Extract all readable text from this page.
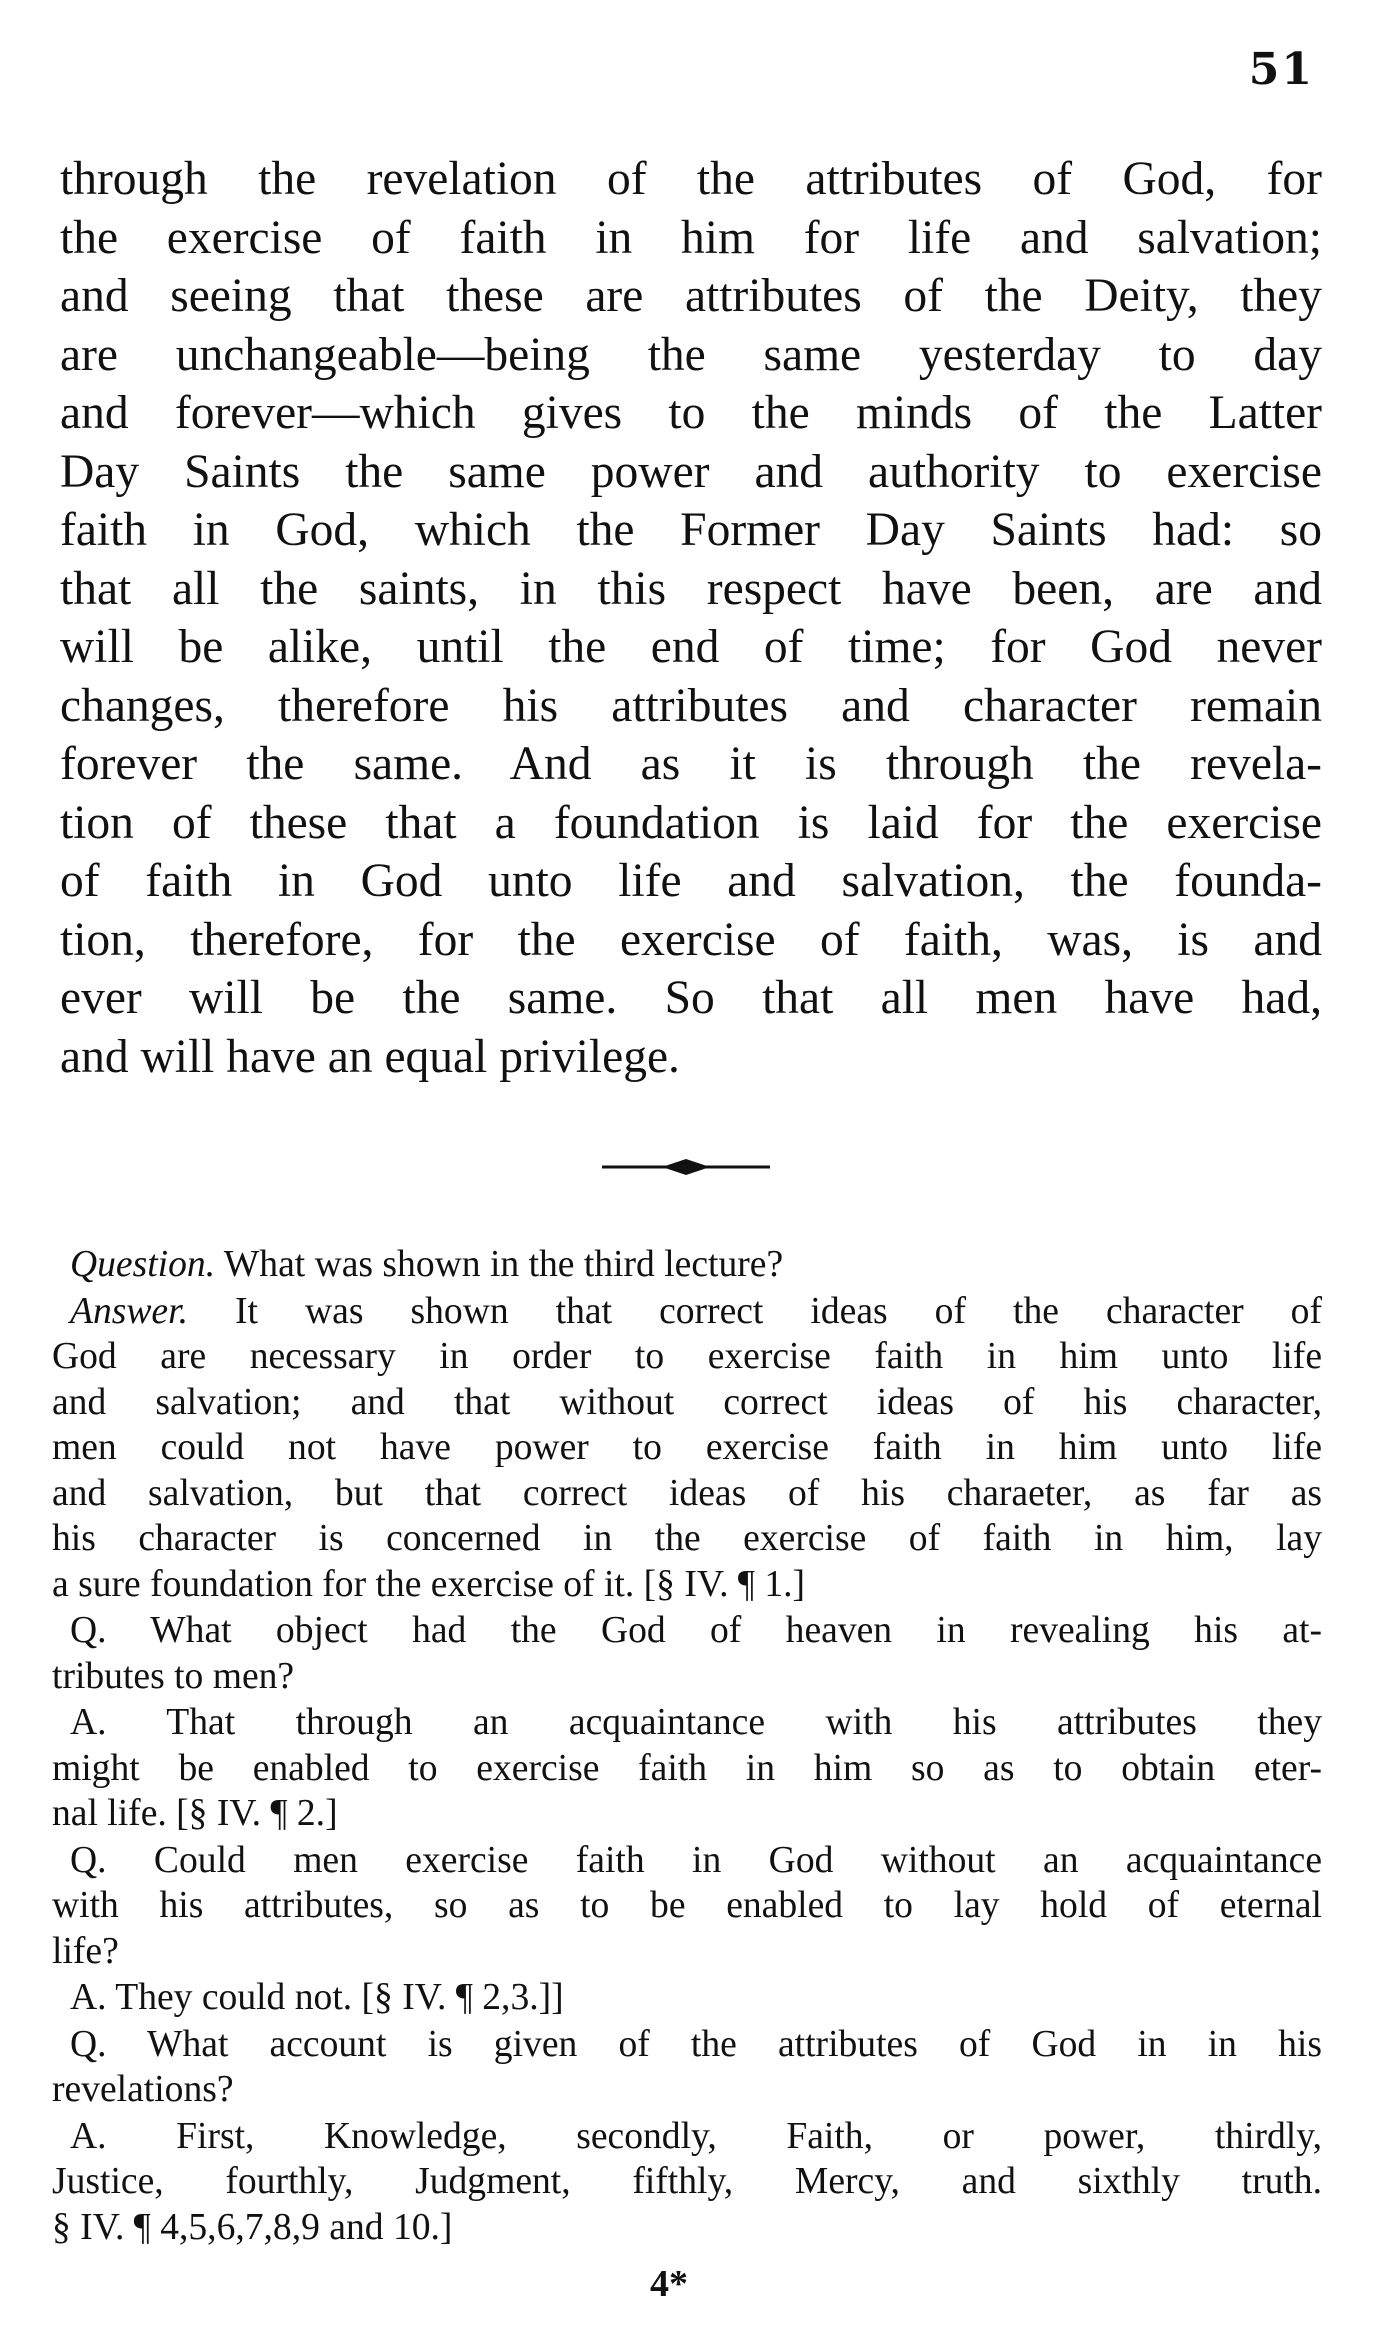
51
through the revelation of the attributes of God, for
the exercise of faith in him for life and salvation;
and seeing that these are attributes of the Deity, they
are unchangeable—being the same yesterday to day
and forever—which gives to the minds of the Latter
Day Saints the same power and authority to exercise
faith in God, which the Former Day Saints had: so
that all the saints, in this respect have been, are and
will be alike, until the end of time; for God never
changes, therefore his attributes and character remain
forever the same. And as it is through the revela-
tion of these that a foundation is laid for the exercise
of faith in God unto life and salvation, the founda-
tion, therefore, for the exercise of faith, was, is and
ever will be the same. So that all men have had,
and will have an equal privilege.
Question. What was shown in the third lecture?
Answer. It was shown that correct ideas of the character of
God are necessary in order to exercise faith in him unto life
and salvation; and that without correct ideas of his character,
men could not have power to exercise faith in him unto life
and salvation, but that correct ideas of his charaeter, as far as
his character is concerned in the exercise of faith in him, lay
a sure foundation for the exercise of it. [§ IV. ¶ 1.]
Q. What object had the God of heaven in revealing his at-
tributes to men?
A. That through an acquaintance with his attributes they
might be enabled to exercise faith in him so as to obtain eter-
nal life. [§ IV. ¶ 2.]
Q. Could men exercise faith in God without an acquaintance
with his attributes, so as to be enabled to lay hold of eternal
life?
A. They could not. [§ IV. ¶ 2,3.]]
Q. What account is given of the attributes of God in in his
revelations?
A. First, Knowledge, secondly, Faith, or power, thirdly,
Justice, fourthly, Judgment, fifthly, Mercy, and sixthly truth.
§ IV. ¶ 4,5,6,7,8,9 and 10.]
4*
